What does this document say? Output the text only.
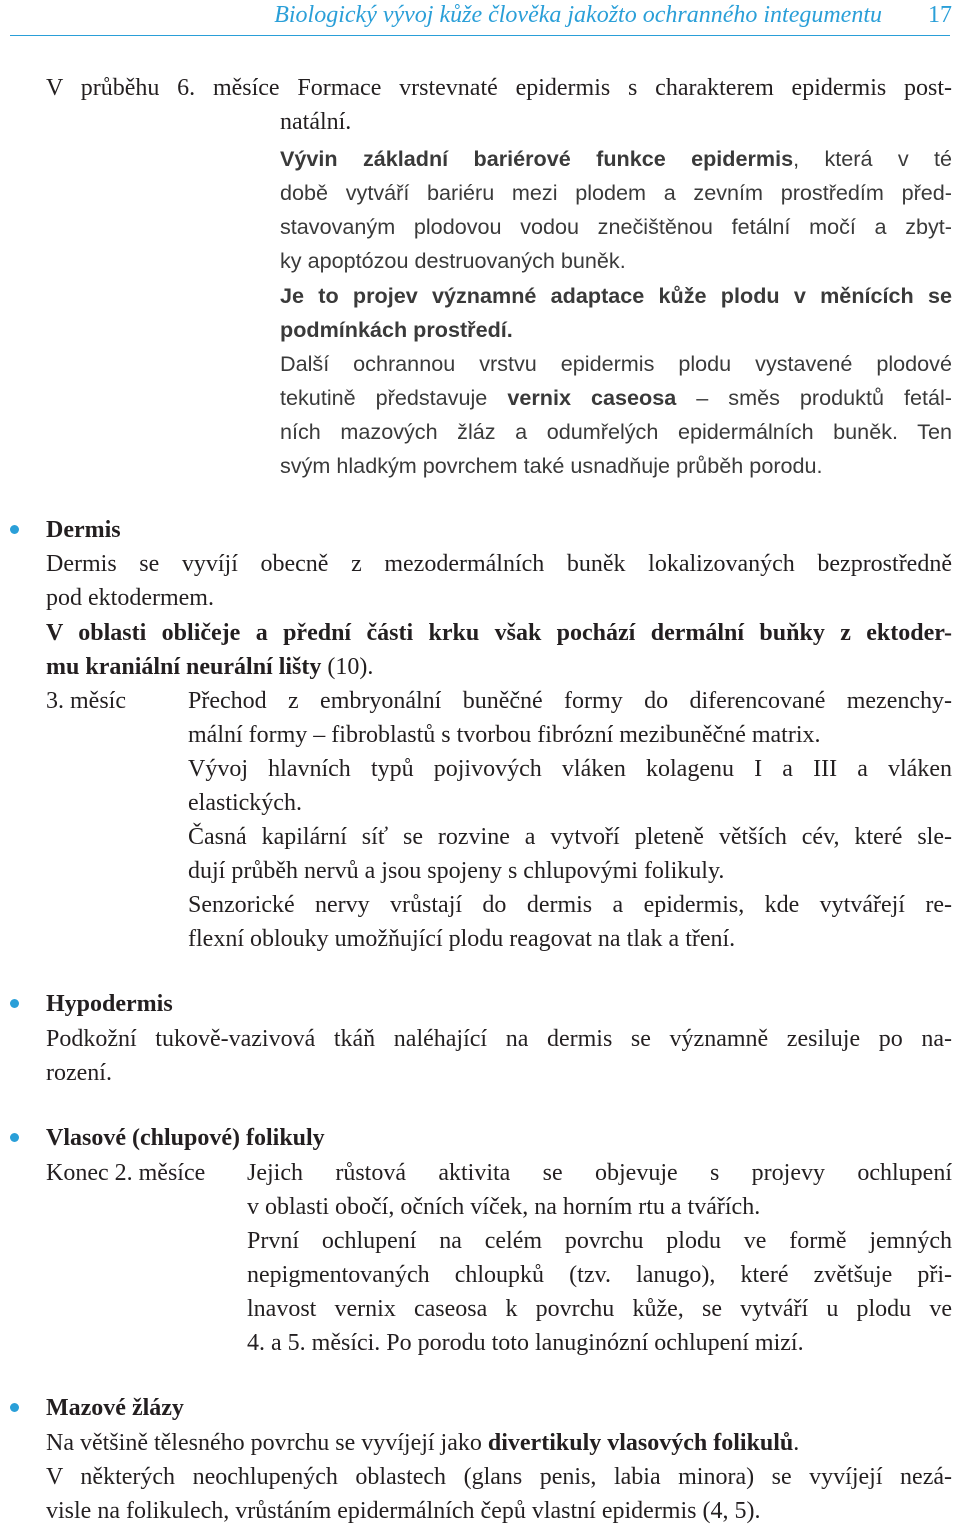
Biologický vývoj kůže člověka jakožto ochranného integumentu 17
V průběhu 6. měsíce Formace vrstevnaté epidermis s charakterem epidermis post-
natální.
Vývin základní bariérové funkce epidermis, která v té
době vytváří bariéru mezi plodem a zevním prostředím před-
stavovaným plodovou vodou znečištěnou fetální močí a zbyt-
ky apoptózou destruovaných buněk.
Je to projev významné adaptace kůže plodu v měnících se
podmínkách prostředí.
Další ochrannou vrstvu epidermis plodu vystavené plodové
tekutině představuje vernix caseosa – směs produktů fetál-
ních mazových žláz a odumřelých epidermálních buněk. Ten
svým hladkým povrchem také usnadňuje průběh porodu.
Dermis
Dermis se vyvíjí obecně z mezodermálních buněk lokalizovaných bezprostředně
pod ektodermem.
V oblasti obličeje a přední části krku však pochází dermální buňky z ektoder-
mu kraniální neurální lišty (10).
3. měsíc	Přechod z embryonální buněčné formy do diferencované mezenchy-
mální formy – fibroblastů s tvorbou fibrózní mezibuněčné matrix.
Vývoj hlavních typů pojivových vláken kolagenu I a III a vláken
elastických.
Časná kapilární síť se rozvine a vytvoří pleteně větších cév, které sle-
dují průběh nervů a jsou spojeny s chlupovými folikuly.
Senzorické nervy vrůstají do dermis a epidermis, kde vytvářejí re-
flexní oblouky umožňující plodu reagovat na tlak a tření.
Hypodermis
Podkožní tukově-vazivová tkáň naléhající na dermis se významně zesiluje po na-
rození.
Vlasové (chlupové) folikuly
Konec 2. měsíce Jejich růstová aktivita se objevuje s projevy ochlupení
v oblasti obočí, očních víček, na horním rtu a tvářích.
První ochlupení na celém povrchu plodu ve formě jemných
nepigmentovaných chloupků (tzv. lanugo), které zvětšuje při-
lnavost vernix caseosa k povrchu kůže, se vytváří u plodu ve
4. a 5. měsíci. Po porodu toto lanuginózní ochlupení mizí.
Mazové žlázy
Na většině tělesného povrchu se vyvíjejí jako divertikuly vlasových folikulů.
V některých neochlupených oblastech (glans penis, labia minora) se vyvíjejí nezá-
visle na folikulech, vrůstáním epidermálních čepů vlastní epidermis (4, 5).
